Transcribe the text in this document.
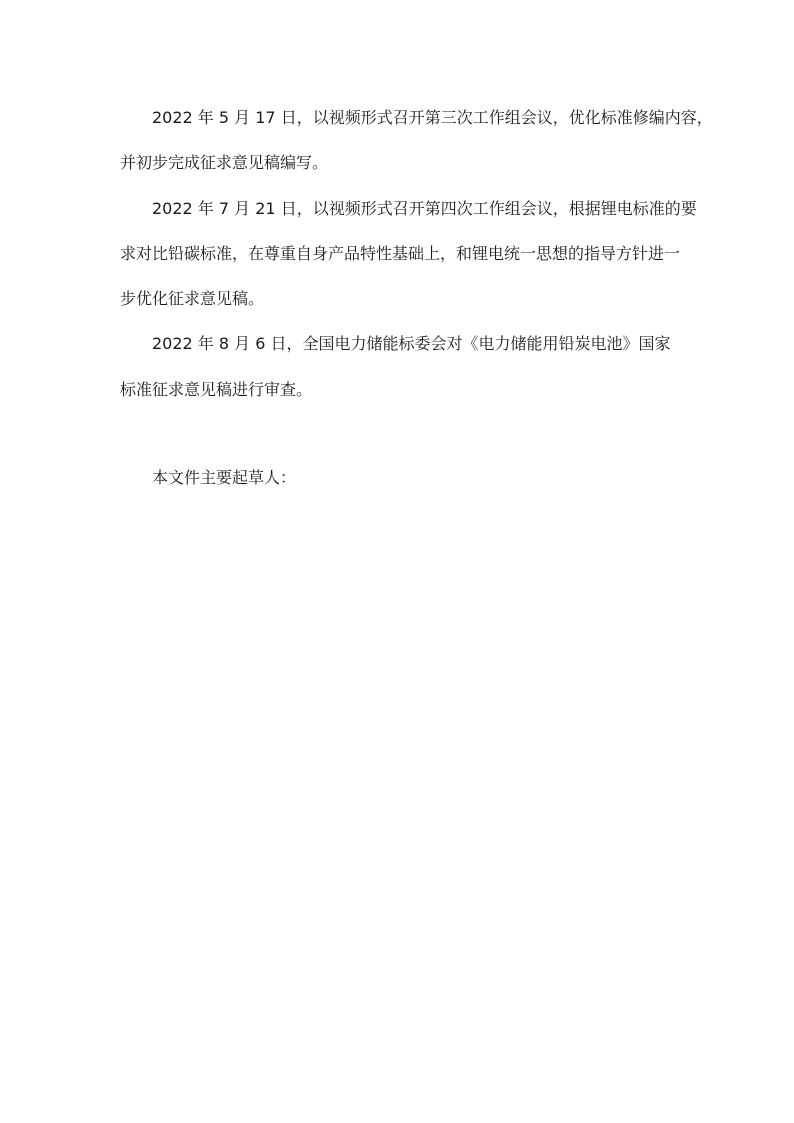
2022 年 5 月 17 日，以视频形式召开第三次工作组会议，优化标准修编内容，
并初步完成征求意见稿编写。
2022 年 7 月 21 日，以视频形式召开第四次工作组会议，根据锂电标准的要
求对比铅碳标准，在尊重自身产品特性基础上，和锂电统一思想的指导方针进一
步优化征求意见稿。
2022 年 8 月 6 日，全国电力储能标委会对《电力储能用铅炭电池》国家
标准征求意见稿进行审查。
本文件主要起草人：
